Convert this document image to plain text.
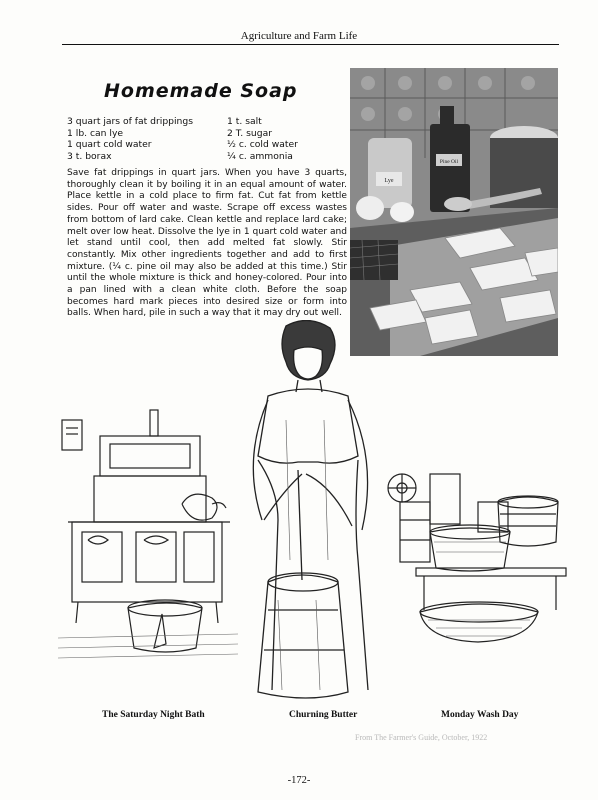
Agriculture and Farm Life
Homemade Soap
3 quart jars of fat drippings
1 lb. can lye
1 quart cold water
3 t. borax
1 t. salt
2 T. sugar
½ c. cold water
¼ c. ammonia
Save fat drippings in quart jars. When you have 3 quarts, thoroughly clean it by boiling it in an equal amount of water. Place kettle in a cold place to firm fat. Cut fat from kettle sides. Pour off water and waste. Scrape off excess wastes from bottom of lard cake. Clean kettle and replace lard cake; melt over low heat. Dissolve the lye in 1 quart cold water and let stand until cool, then add melted fat slowly. Stir constantly. Mix other ingredients together and add to first mixture. (¼ c. pine oil may also be added at this time.) Stir until the whole mixture is thick and honey-colored. Pour into a pan lined with a clean white cloth. Before the soap becomes hard mark pieces into desired size or form into balls. When hard, pile in such a way that it may dry out well.
Lye
Pine Oil
From The Farmer's Guide, October, 1922
The Saturday Night Bath	Churning Butter	Monday Wash Day
-172-
